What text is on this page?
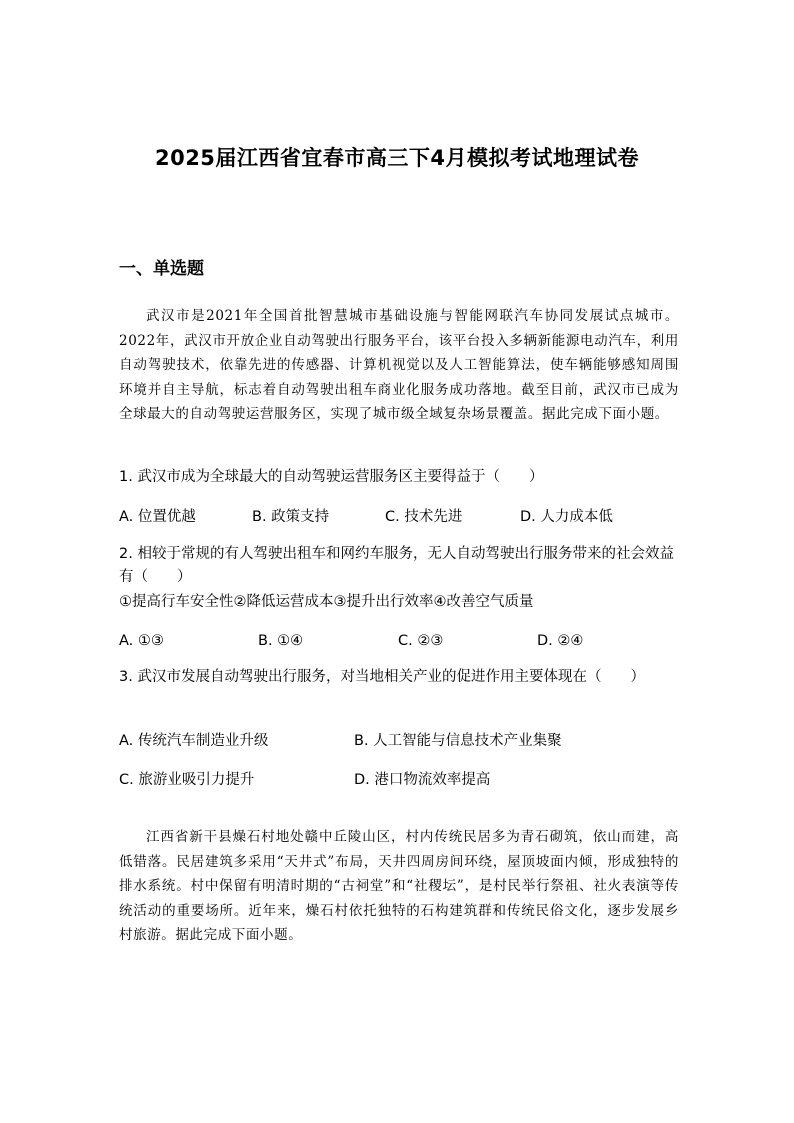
2025届江西省宜春市高三下4月模拟考试地理试卷
一、单选题
武汉市是2021年全国首批智慧城市基础设施与智能网联汽车协同发展试点城市。2022年，武汉市开放企业自动驾驶出行服务平台，该平台投入多辆新能源电动汽车，利用自动驾驶技术，依靠先进的传感器、计算机视觉以及人工智能算法，使车辆能够感知周围环境并自主导航，标志着自动驾驶出租车商业化服务成功落地。截至目前，武汉市已成为全球最大的自动驾驶运营服务区，实现了城市级全域复杂场景覆盖。据此完成下面小题。
1. 武汉市成为全球最大的自动驾驶运营服务区主要得益于（　　）
A. 位置优越	B. 政策支持	C. 技术先进	D. 人力成本低
2. 相较于常规的有人驾驶出租车和网约车服务，无人自动驾驶出行服务带来的社会效益有（　　）
①提高行车安全性②降低运营成本③提升出行效率④改善空气质量
A. ①③	B. ①④	C. ②③	D. ②④
3. 武汉市发展自动驾驶出行服务，对当地相关产业的促进作用主要体现在（　　）
A. 传统汽车制造业升级	B. 人工智能与信息技术产业集聚
C. 旅游业吸引力提升	D. 港口物流效率提高
江西省新干县燥石村地处赣中丘陵山区，村内传统民居多为青石砌筑，依山而建，高低错落。民居建筑多采用“天井式”布局，天井四周房间环绕，屋顶坡面内倾，形成独特的排水系统。村中保留有明清时期的“古祠堂”和“社稷坛”，是村民举行祭祖、社火表演等传统活动的重要场所。近年来，燥石村依托独特的石构建筑群和传统民俗文化，逐步发展乡村旅游。据此完成下面小题。
